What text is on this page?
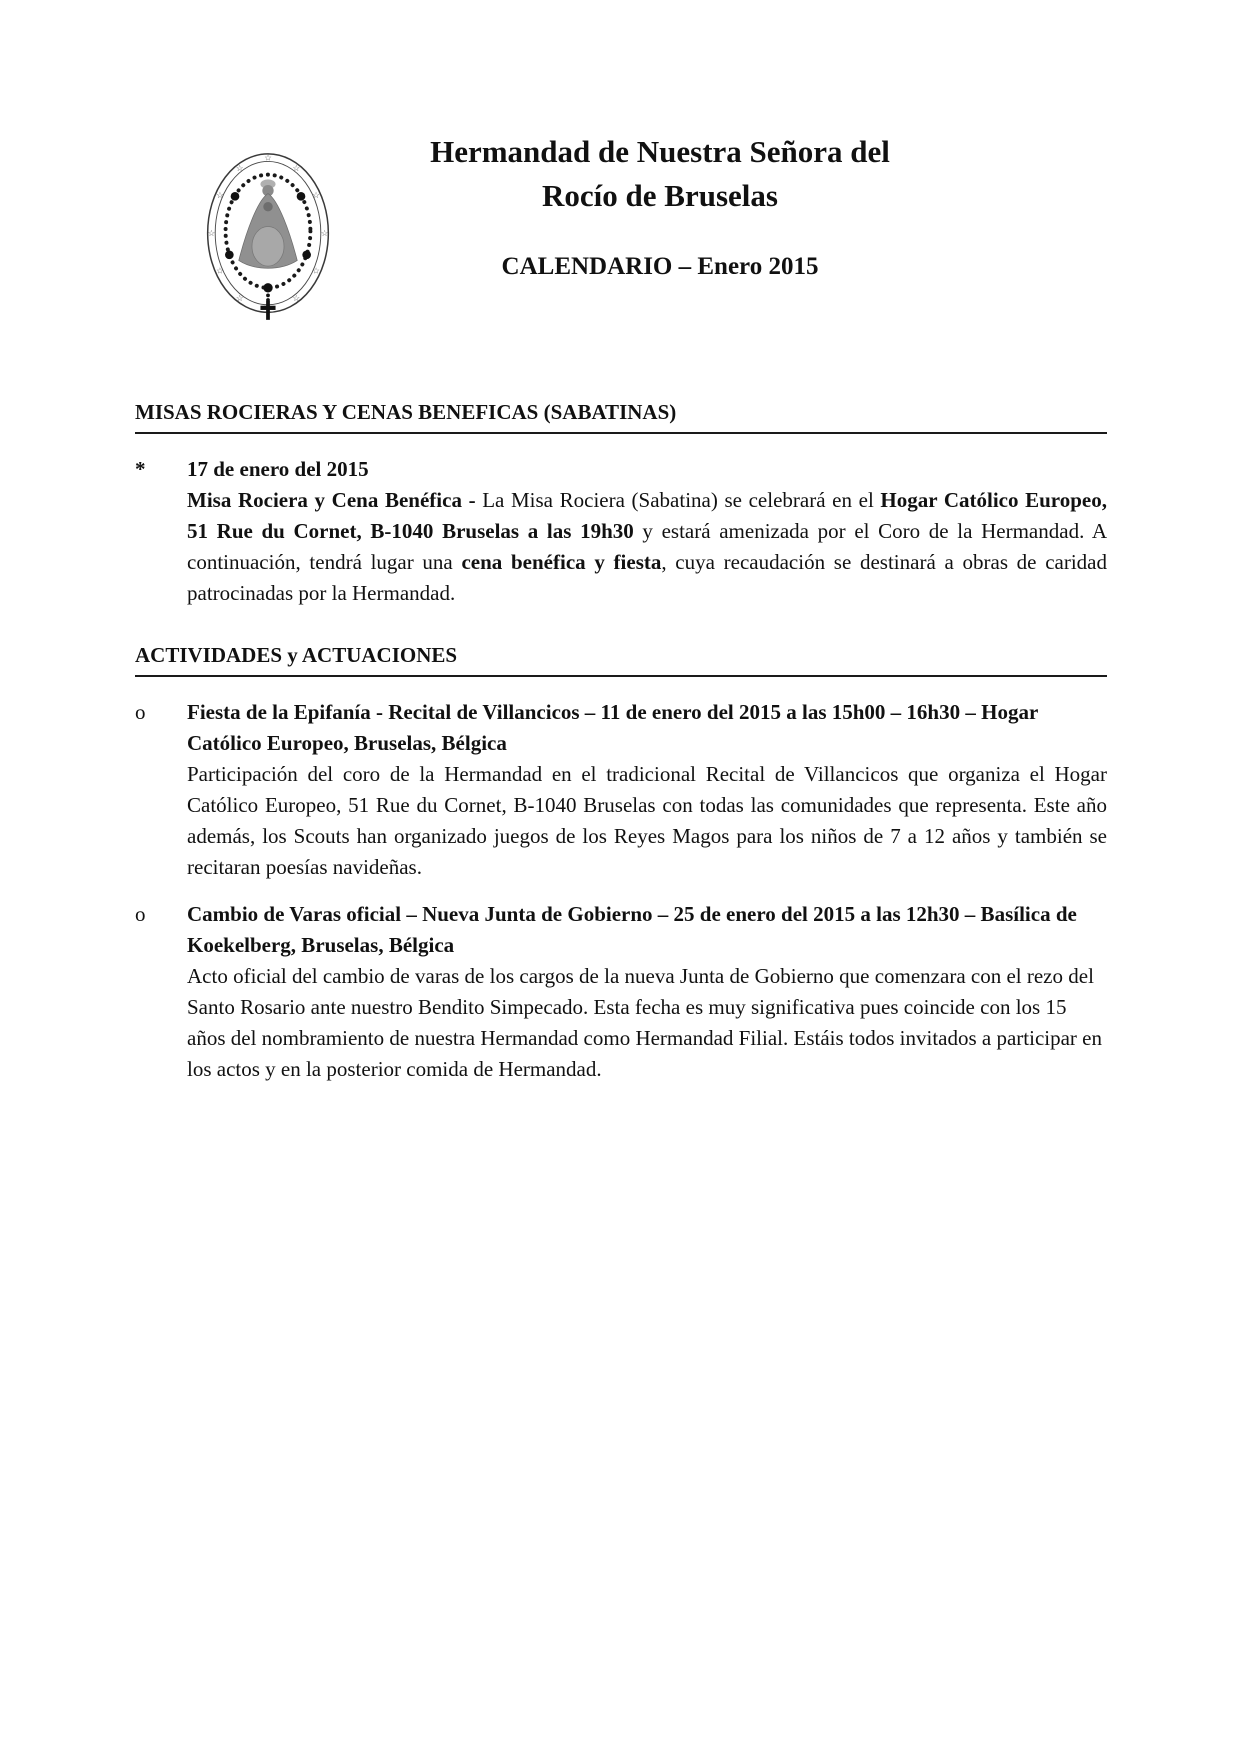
☆
☆
☆
☆
☆
☆
☆
☆
☆
☆
☆
Hermandad de Nuestra Señora del
Rocío de Bruselas
CALENDARIO – Enero 2015
MISAS ROCIERAS Y CENAS BENEFICAS (SABATINAS)
*	17 de enero del 2015

Misa Rociera y Cena Benéfica - La Misa Rociera (Sabatina) se celebrará en el Hogar Católico Europeo, 51 Rue du Cornet, B-1040 Bruselas a las 19h30 y estará amenizada por el Coro de la Hermandad. A continuación, tendrá lugar una cena benéfica y fiesta, cuya recaudación se destinará a obras de caridad patrocinadas por la Hermandad.

ACTIVIDADES y ACTUACIONES
o	Fiesta de la Epifanía - Recital de Villancicos – 11 de enero del 2015 a las 15h00 – 16h30 – Hogar Católico Europeo, Bruselas, Bélgica

Participación del coro de la Hermandad en el tradicional Recital de Villancicos que organiza el Hogar Católico Europeo, 51 Rue du Cornet, B-1040 Bruselas con todas las comunidades que representa. Este año además, los Scouts han organizado juegos de los Reyes Magos para los niños de 7 a 12 años y también se recitaran poesías navideñas.

o	Cambio de Varas oficial – Nueva Junta de Gobierno – 25 de enero del 2015 a las 12h30 – Basílica de Koekelberg, Bruselas, Bélgica

Acto oficial del cambio de varas de los cargos de la nueva Junta de Gobierno que comenzara con el rezo del Santo Rosario ante nuestro Bendito Simpecado. Esta fecha es muy significativa pues coincide con los 15 años del nombramiento de nuestra Hermandad como Hermandad Filial. Estáis todos invitados a participar en los actos y en la posterior comida de Hermandad.
